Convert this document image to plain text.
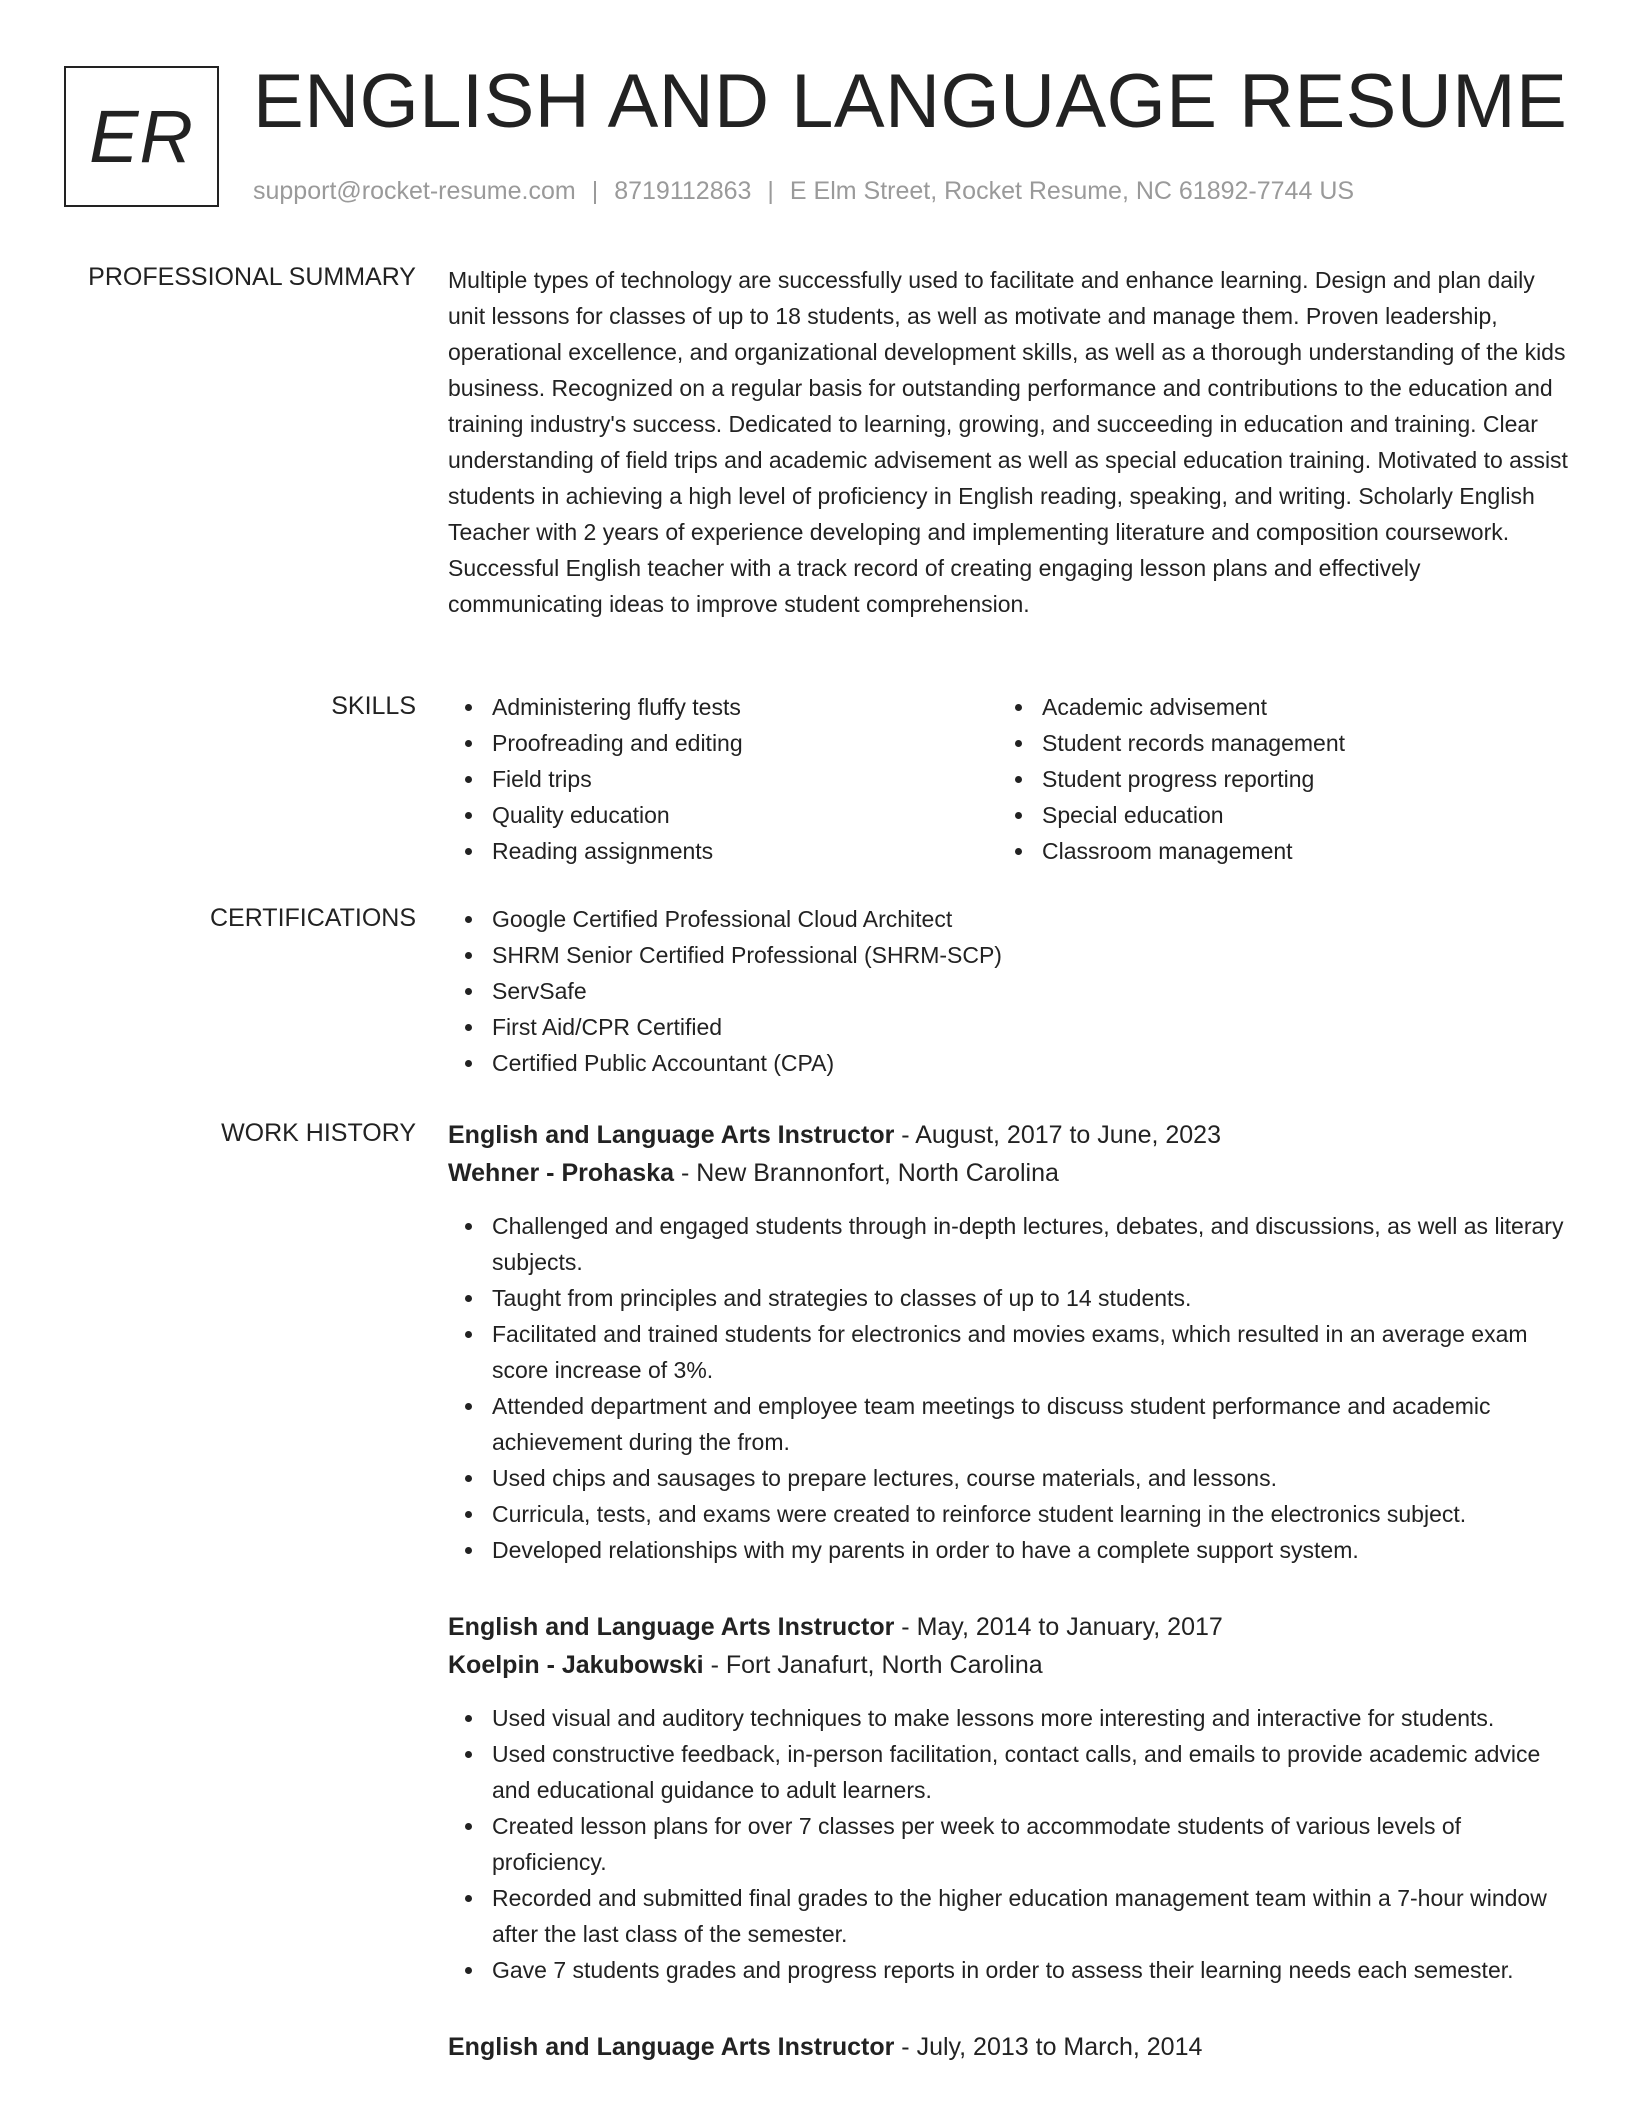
ER ENGLISH AND LANGUAGE RESUME
support@rocket-resume.com | 8719112863 | E Elm Street, Rocket Resume, NC 61892-7744 US
PROFESSIONAL SUMMARY Multiple types of technology are successfully used to facilitate and enhance learning. Design and plan daily unit lessons for classes of up to 18 students, as well as motivate and manage them. Proven leadership, operational excellence, and organizational development skills, as well as a thorough understanding of the kids business. Recognized on a regular basis for outstanding performance and contributions to the education and training industry's success. Dedicated to learning, growing, and succeeding in education and training. Clear understanding of field trips and academic advisement as well as special education training. Motivated to assist students in achieving a high level of proficiency in English reading, speaking, and writing. Scholarly English Teacher with 2 years of experience developing and implementing literature and composition coursework. Successful English teacher with a track record of creating engaging lesson plans and effectively communicating ideas to improve student comprehension.

SKILLS	Administering fluffy tests
Proofreading and editing
Field trips
Quality education
Reading assignments
Academic advisement
Student records management
Student progress reporting
Special education
Classroom management
CERTIFICATIONS	Google Certified Professional Cloud Architect
SHRM Senior Certified Professional (SHRM-SCP)
ServSafe
First Aid/CPR Certified
Certified Public Accountant (CPA)
WORK HISTORY English and Language Arts Instructor - August, 2017 to June, 2023
Wehner - Prohaska - New Brannonfort, North Carolina
Challenged and engaged students through in-depth lectures, debates, and discussions, as well as literary subjects.
Taught from principles and strategies to classes of up to 14 students.
Facilitated and trained students for electronics and movies exams, which resulted in an average exam score increase of 3%.
Attended department and employee team meetings to discuss student performance and academic achievement during the from.
Used chips and sausages to prepare lectures, course materials, and lessons.
Curricula, tests, and exams were created to reinforce student learning in the electronics subject.
Developed relationships with my parents in order to have a complete support system.
English and Language Arts Instructor - May, 2014 to January, 2017
Koelpin - Jakubowski - Fort Janafurt, North Carolina
Used visual and auditory techniques to make lessons more interesting and interactive for students.
Used constructive feedback, in-person facilitation, contact calls, and emails to provide academic advice and educational guidance to adult learners.
Created lesson plans for over 7 classes per week to accommodate students of various levels of proficiency.
Recorded and submitted final grades to the higher education management team within a 7-hour window after the last class of the semester.
Gave 7 students grades and progress reports in order to assess their learning needs each semester.
English and Language Arts Instructor - July, 2013 to March, 2014
